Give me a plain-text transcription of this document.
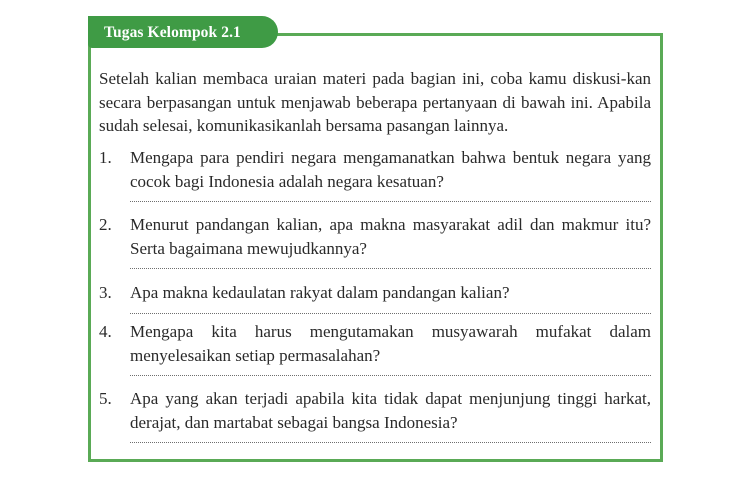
Tugas Kelompok 2.1
Setelah kalian membaca uraian materi pada bagian ini, coba kamu diskusi-kan secara berpasangan untuk menjawab beberapa pertanyaan di bawah ini. Apabila sudah selesai, komunikasikanlah bersama pasangan lainnya.
1.	Mengapa para pendiri negara mengamanatkan bahwa bentuk negara yang cocok bagi Indonesia adalah negara kesatuan?
2.	Menurut pandangan kalian, apa makna masyarakat adil dan makmur itu? Serta bagaimana mewujudkannya?
3.	Apa makna kedaulatan rakyat dalam pandangan kalian?
4.	Mengapa kita harus mengutamakan musyawarah mufakat dalam menyelesaikan setiap permasalahan?
5.	Apa yang akan terjadi apabila kita tidak dapat menjunjung tinggi harkat, derajat, dan martabat sebagai bangsa Indonesia?
